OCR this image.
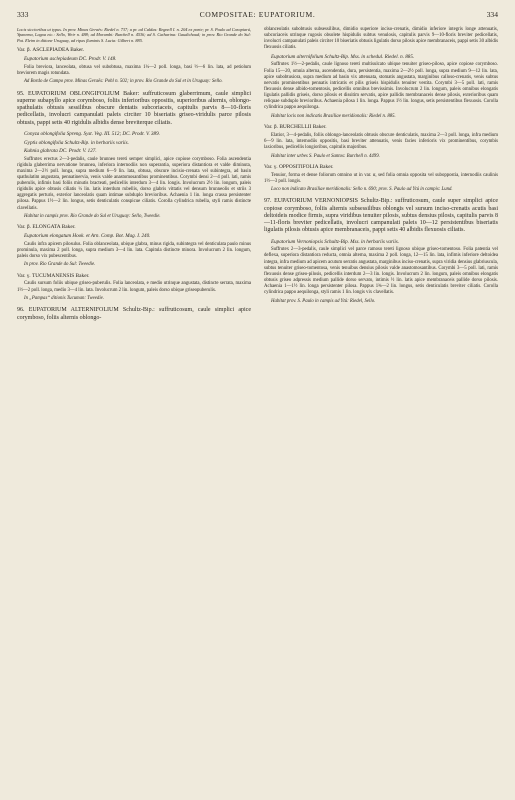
333	COMPOSITAE: EUPATORIUM.	334

Locis siccioribus ut typus. In prov. Minas Geraës: Riedel n. 737; a pr. ad Caldas: Regnell I. n. 204 ex parte; pr. S. Paulo ad Carapiarú, Ypanema, Lagoa etc.: Sello, Weir n. 488; ad Morumbi: Burchell n. 4536; ad S. Catharina: Gaudichaud; in prov. Rio Grande do Sul: Pat. Eleim in ditione Uruguay, ad ripas fluminis S. Lucia: Gilbert n. 885.

Var. β. ASCLEPIADEA Baker.

Eupatorium asclepiadeum DC. Prodr. V. 148.

Folia breviora, lanceolata, obtusa vel subobtusa, maxima 1¼—2 poll. longa, basi ½—6 lin. lata, ad petiolum breviorem magis rotundata.

Ad Bordo de Campo prov. Minas Geraës: Pohl n. 502; in prov. Rio Grande do Sul et in Uruguay: Sello.

95. EUPATORIUM OBLONGIFOLIUM Baker: suffruticosum glaberrimum, caule simplici superne subapyllo apice corymboso, foliis inferioribus oppositis, superioribus alternis, oblongo-spathulatis obtusis sessilibus obscure dentatis subcoriaceis, capitulis parvis 8—10-floris pedicellatis, involucri campanulati paleis circiter 10 biseriatis griseo-viridulis parce pilosis obtusis, pappi setis 40 rigidulis albidis dense breviterque ciliatis.

Conyza oblongifolia Spreng. Syst. Veg. III. 512; DC. Prodr. V. 389.

Gyptis oblongifolia Schultz-Bip. in herbariis variis.

Kuhnia glabrata DC. Prodr. V. 127.

Suffrutex erectus 2—3-pedalis, caule brunneo tereti semper simplici, apice copiose corymboso. Folia ascendentia rigidula glaberrima nervatione brunnea, inferiora internodiis non superantia, superiora distantiora et valde diminuta, maxima 2—2½ poll. longa, supra medium 6—9 lin. lata, obtusa, obscure incisio-crenata vel subintegra, ad basin spathulatim angustata, pennatinervia, venis valde anastomosantibus prominentibus. Corymbi densi 2—4 poll. lati, ramis puberulis, infimis basi foliis minutis bracteati, pedicellis interdum 3—4 lin. longis. Involucrum 2½ lin. longum, paleis rigidulis apice obtusis ciliatis ¼ lin. latis interdum rubellis, dorso glabris vittatis vel densum brunneolis et striis 3 aggregatis perturis, exterior lanceolatis quam intimae subduplo brevioribus. Achaenia 1 lin. longa crassa persistenter pilosa. Pappus 1½—2 lin. longus, setis denticulatis conspicue ciliatis. Corolla cylindrica rubella, styli ramis distincte clavellatis.

Habitat in campis prov. Rio Grande do Sul et Uruguay: Sello, Tweedie.

Var. β. ELONGATA Baker.

Eupatorium elongatum Hook. et Arn. Comp. Bot. Mag. I. 240.

Caulis infra apicem pilosulus. Folia oblanceolata, ubique glabra, minus rigida, subintegra vel denticulata paulo minus prominula, maxima 2 poll. longa, supra medium 3—4 lin. lata. Capitula distincte minora. Involucrum 2 lin. longum, paleis dorso vix pubescentibus.

In prov. Rio Grande do Sul: Tweedie.

Var. γ. TUCUMANENSIS Baker.

Caulis sursum foliis ubique griseo-puberulis. Folia lanceolata, e medio utrinque angustata, distincte serrata, maxima 1½—2 poll. longa, medio 3—4 lin. lata. Involucrum 2 lin. longum, paleis dorso ubique griseopuberulis.

In „Pampas“ ditionis Tucuman: Tweedie.

96. EUPATORIUM ALTERNIFOLIUM Schultz-Bip.: suffruticosum, caule simplici apice corymboso, foliis alternis oblongo-

oblanceolatis subobtusis subsessilibus, dimidio superiore inciso-crenatis, dimidio inferiore integris longe attenuatis, subcoriaceis utrinque rugosis obsolete hispidulis subtus venulosis, capitulis parvis 9—10-floris breviter pedicellatis, involucri campanulati paleis circiter 10 biseriatis obtusis ligulatis dorso pilosis apice membranaceis, pappi setis 30 albidis flexuosis ciliatis.

Eupatorium alternifolium Schultz-Bip. Mss. in schedul. Riedel. n. 885.

Suffrutex 1½—2-pedalis, caule lignoso tereti multisulcato ubique tenuiter griseo-piloso, apice copiose corymboso. Folia 15—20, omnia alterna, ascendentia, dura, persistentia, maxima 2—2½ poll. longa, supra medium 9—12 lin. lata, apice subobtusiora, supra medium ad basin vix attenuata, stomatis angustata, marginibus calloso-crenatis, venis subtus nervatis prominentibus pennatis intricatis et pilis griseis hispidulis tenuiter vestita. Corymbi 3—5 poll. lati, ramis flexuosis dense albido-tomentosis, pedicellis omnibus brevissimis. Involucrum 2 lin. longum, paleis omnibus elongatis ligulatis pallidis griseis, dorso pilosis et dissitim servatis, apice pallidis membranaceis dense pilosis, exterioribus quam reliquae subduplo brevioribus. Achaenia pilosa 1 lin. longa. Pappus 1½ lin. longus, setis persistentibus flexuosis. Corolla cylindrica pappo aequilonga.

Habitat locis non indicatis Brasiliae meridionalis: Riedel n. 885.

Var. β. BURCHELLII Baker.

Elatior, 3—4-pedalis, foliis oblongo-lanceolatis obtusis obscure denticulatis, maxima 2—3 poll. longa, infra medium 6—9 lin. lata, internodiis oppositis, basi breviter attenuatis, venis facies inferioris vix prominentibus, corymbis laxioribus, pedicellis longioribus, capitulis majoribus.

Habitat inter urbes S. Paulo et Santos: Burchell n. 4499.

Var. γ. OPPOSITIFOLIA Baker.

Tenuior, forma et dense foliorum omnino ut in var. α, sed folia omnia opposita vel suboppostia, internodiis caulinis 1½—3 poll. longis.

Loco non indicato Brasiliae meridionalis: Sello n. 690; prov. S. Paulo ad Ytú in campis: Lund.

97. EUPATORIUM VERNONIOPSIS Schultz-Bip.: suffruticosum, caule super simplici apice copiose corymboso, foliis alternis subsessilibus oblongis vel sursum inciso-crenatis acutis basi deltoideis modice firmis, supra viridibus tenuiter pilosis, subtus densius pilosis, capitulis parvis 8—11-floris breviter pedicellatis, involucri campanulati paleis 10—12 persistentibus biseriatis ligulatis pilosis obtusis apice membranaceis, pappi setis 40 albidis flexuosis ciliatis.

Eupatorium Vernoniopsis Schultz-Bip. Mss. in herbariis variis.

Suffrutex 2—3-pedalis, caule simplici vel parce ramoso tereti lignoso ubique griseo-tomentoso. Folia patentia vel deflexa, superiora distantiora reducta, omnia alterna, maxima 2 poll. longa, 12—15 lin. lata, infimis inferiore deltoidea integra, infra medium ad apicem acutum serratis angustata, marginibus inciso-crenatis, supra viridia densius glabriuscula, subtus tenuiter griseo-tomentosa, venis tenuibus densius pilosis valde anastomosantibus. Corymbi 3—5 poll. lati, ramis flexuosis dense griseo-pilosis, pedicellis interdum 2—3 lin. longis. Involucrum 2 lin. longum, paleis omnibus elongatis obtusis griseo adpressis medium pallide dorso servato, intimis ½ lin. latis apice membranaceis pallide dorso pilosis. Achaenia 1—1½ lin. longa persistenter pilosa. Pappus 1¾—2 lin. longus, setis denticulatis breviter ciliatis. Corolla cylindrica pappo aequilonga, styli ramis 1 lin. longis vix clavellatis.

Habitat prov. S. Paulo in campis ad Ytú: Riedel, Sello.
